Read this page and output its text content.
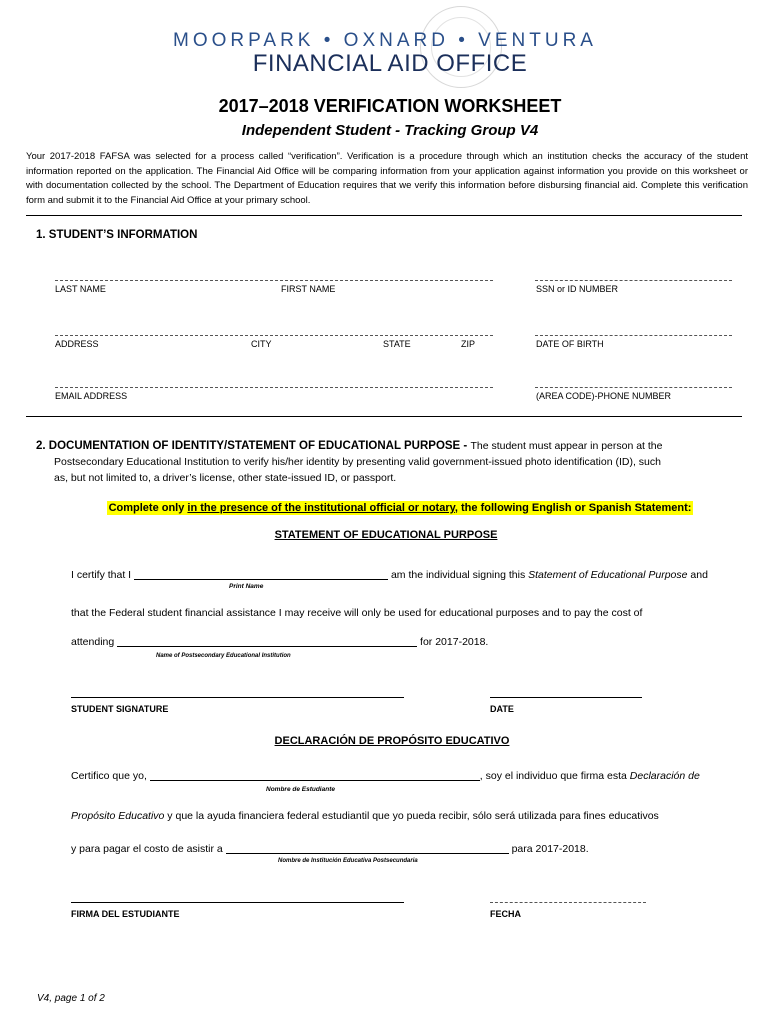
MOORPARK • OXNARD • VENTURA
FINANCIAL AID OFFICE
2017–2018 VERIFICATION WORKSHEET
Independent Student - Tracking Group V4
Your 2017-2018 FAFSA was selected for a process called “verification”. Verification is a procedure through which an institution checks the accuracy of the student information reported on the application. The Financial Aid Office will be comparing information from your application against information you provide on this worksheet or with documentation collected by the school. The Department of Education requires that we verify this information before disbursing financial aid. Complete this verification form and submit it to the Financial Aid Office at your primary school.
1. STUDENT’S INFORMATION
LAST NAME	FIRST NAME	SSN or ID NUMBER
ADDRESS	CITY	STATE	ZIP	DATE OF BIRTH
EMAIL ADDRESS	(AREA CODE)-PHONE NUMBER
2. DOCUMENTATION OF IDENTITY/STATEMENT OF EDUCATIONAL PURPOSE - The student must appear in person at the
Postsecondary Educational Institution to verify his/her identity by presenting valid government-issued photo identification (ID), such
as, but not limited to, a driver’s license, other state-issued ID, or passport.
Complete only in the presence of the institutional official or notary, the following English or Spanish Statement:
STATEMENT OF EDUCATIONAL PURPOSE
I certify that I	am the individual signing this Statement of Educational Purpose and
Print Name
that the Federal student financial assistance I may receive will only be used for educational purposes and to pay the cost of
attending	for 2017-2018.
Name of Postsecondary Educational Institution
STUDENT SIGNATURE	DATE
DECLARACIÓN DE PROPÓSITO EDUCATIVO
Certifico que yo,	, soy el individuo que firma esta Declaración de
Nombre de Estudiante
Propósito Educativo y que la ayuda financiera federal estudiantil que yo pueda recibir, sólo será utilizada para fines educativos
y para pagar el costo de asistir a	para 2017-2018.
Nombre de Institución Educativa Postsecundaria
FIRMA DEL ESTUDIANTE	FECHA
V4, page 1 of 2
